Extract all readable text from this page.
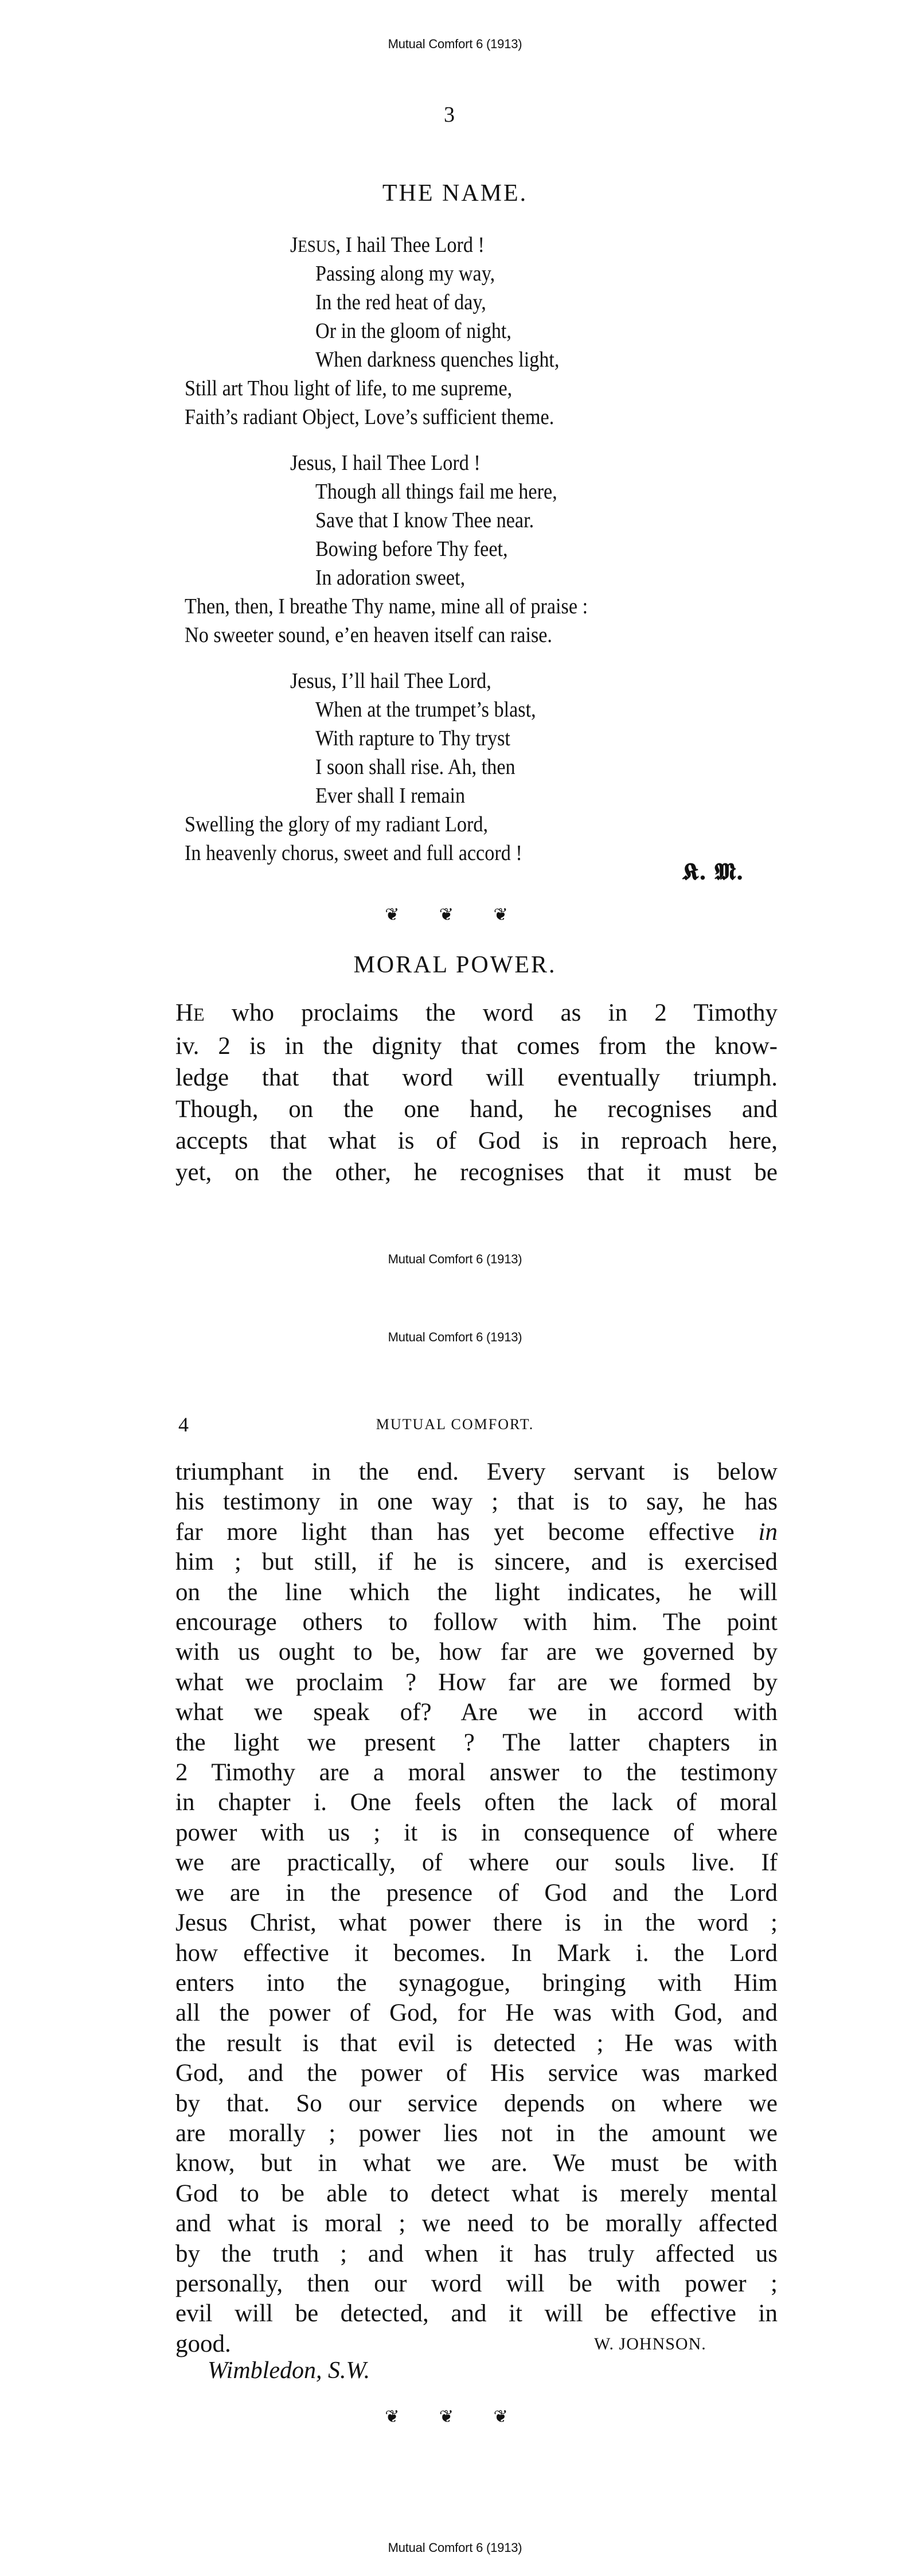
Mutual Comfort 6 (1913)
3
THE NAME.
JESUS, I hail Thee Lord !
Passing along my way,
In the red heat of day,
Or in the gloom of night,
When darkness quenches light,
Still art Thou light of life, to me supreme,
Faith’s radiant Object, Love’s sufficient theme.
Jesus, I hail Thee Lord !
Though all things fail me here,
Save that I know Thee near.
Bowing before Thy feet,
In adoration sweet,
Then, then, I breathe Thy name, mine all of praise :
No sweeter sound, e’en heaven itself can raise.
Jesus, I’ll hail Thee Lord,
When at the trumpet’s blast,
With rapture to Thy tryst
I soon shall rise. Ah, then
Ever shall I remain
Swelling the glory of my radiant Lord,
In heavenly chorus, sweet and full accord !
𝕶. 𝕸.
❦ ❦ ❦
MORAL POWER.
HE who proclaims the word as in 2 Timothy
iv. 2 is in the dignity that comes from the know-
ledge that that word will eventually triumph.
Though, on the one hand, he recognises and
accepts that what is of God is in reproach here,
yet, on the other, he recognises that it must be
Mutual Comfort 6 (1913)
Mutual Comfort 6 (1913)
4	MUTUAL COMFORT.
triumphant in the end. Every servant is below
his testimony in one way ; that is to say, he has
far more light than has yet become effective in
him ; but still, if he is sincere, and is exercised
on the line which the light indicates, he will
encourage others to follow with him. The point
with us ought to be, how far are we governed by
what we proclaim ? How far are we formed by
what we speak of? Are we in accord with
the light we present ? The latter chapters in
2 Timothy are a moral answer to the testimony
in chapter i. One feels often the lack of moral
power with us ; it is in consequence of where
we are practically, of where our souls live. If
we are in the presence of God and the Lord
Jesus Christ, what power there is in the word ;
how effective it becomes. In Mark i. the Lord
enters into the synagogue, bringing with Him
all the power of God, for He was with God, and
the result is that evil is detected ; He was with
God, and the power of His service was marked
by that. So our service depends on where we
are morally ; power lies not in the amount we
know, but in what we are. We must be with
God to be able to detect what is merely mental
and what is moral ; we need to be morally affected
by the truth ; and when it has truly affected us
personally, then our word will be with power ;
evil will be detected, and it will be effective in
good.	W. JOHNSON.
Wimbledon, S.W.
❦ ❦ ❦
Mutual Comfort 6 (1913)
